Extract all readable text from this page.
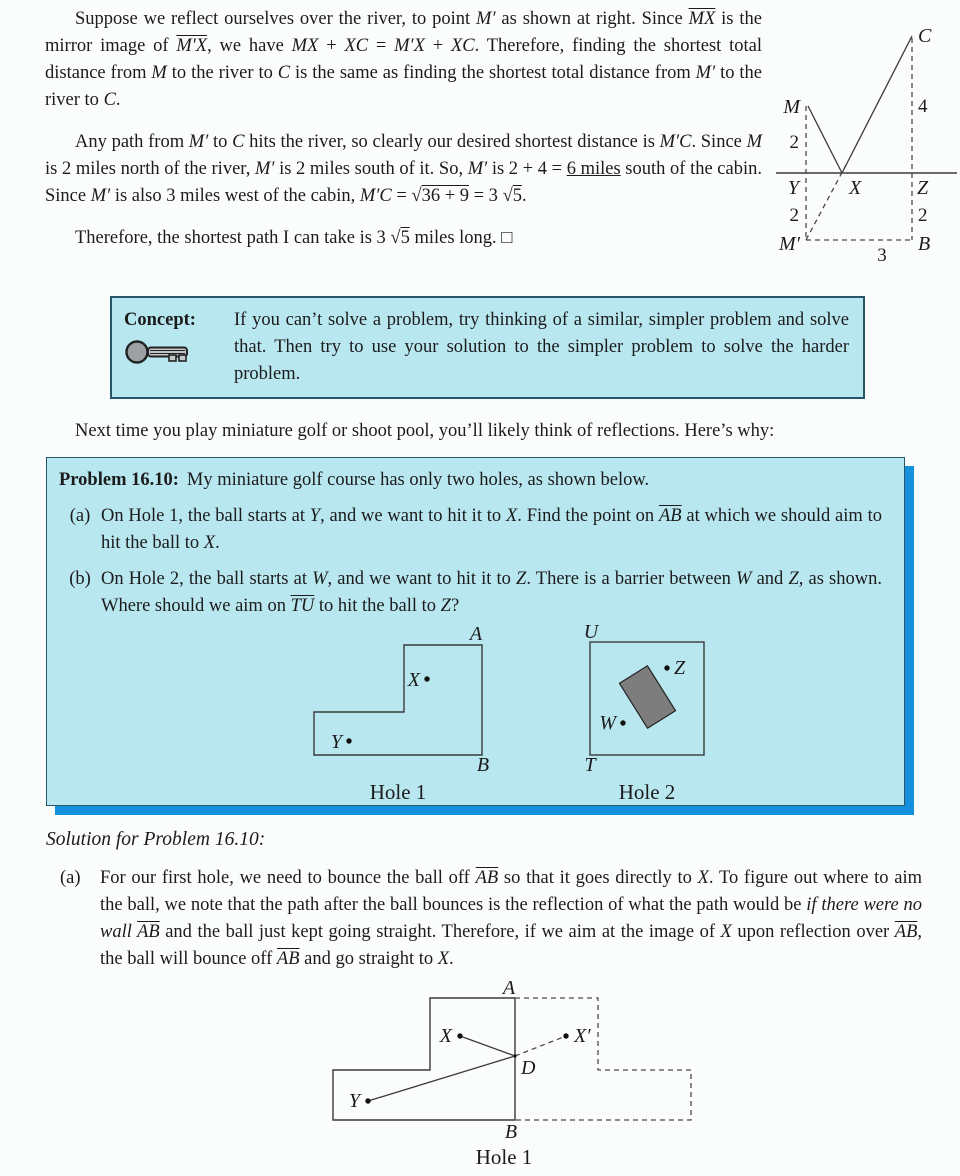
M
2
Y
2
M′
X
C
4
Z
2
B
3

Suppose we reflect ourselves over the river, to point M′ as shown at right. Since $\overline{MX}$ is the mirror image of M′X, we have MX + XC = M′X + XC. Therefore, finding the shortest total distance from M to the river to C is the same as finding the shortest total distance from M′ to the river to C.

Any path from M′ to C hits the river, so clearly our desired shortest distance is M′C. Since M is 2 miles north of the river, M′ is 2 miles south of it. So, M′ is 2 + 4 = 6 miles south of the cabin. Since M′ is also 3 miles west of the cabin, M′C = √36 + 9 = 3 √5.

Therefore, the shortest path I can take is 3 √5 miles long. □

Concept:	If you can’t solve a problem, try thinking of a similar, simpler problem and solve that. Then try to use your solution to the simpler problem to solve the harder problem.

Next time you play miniature golf or shoot pool, you’ll likely think of reflections. Here’s why:

Problem 16.10: My miniature golf course has only two holes, as shown below.

(a) On Hole 1, the ball starts at Y, and we want to hit it to X. Find the point on $\overline{AB}$ at which we should aim to hit the ball to X.

(b) On Hole 2, the ball starts at W, and we want to hit it to Z. There is a barrier between W and Z, as shown. Where should we aim on $\overline{TU}$ to hit the ball to Z?

A
B
X
Y
Hole 1
U
T
Z
W
Hole 2

Solution for Problem 16.10:

(a)	For our first hole, we need to bounce the ball off $\overline{AB}$ so that it goes directly to X. To figure out where to aim the ball, we note that the path after the ball bounces is the reflection of what the path would be if there were no wall $\overline{AB}$ and the ball just kept going straight. Therefore, if we aim at the image of X upon reflection over $\overline{AB}$, the ball will bounce off $\overline{AB}$ and go straight to X.

A
B
D
X	X′
Y
Hole 1
